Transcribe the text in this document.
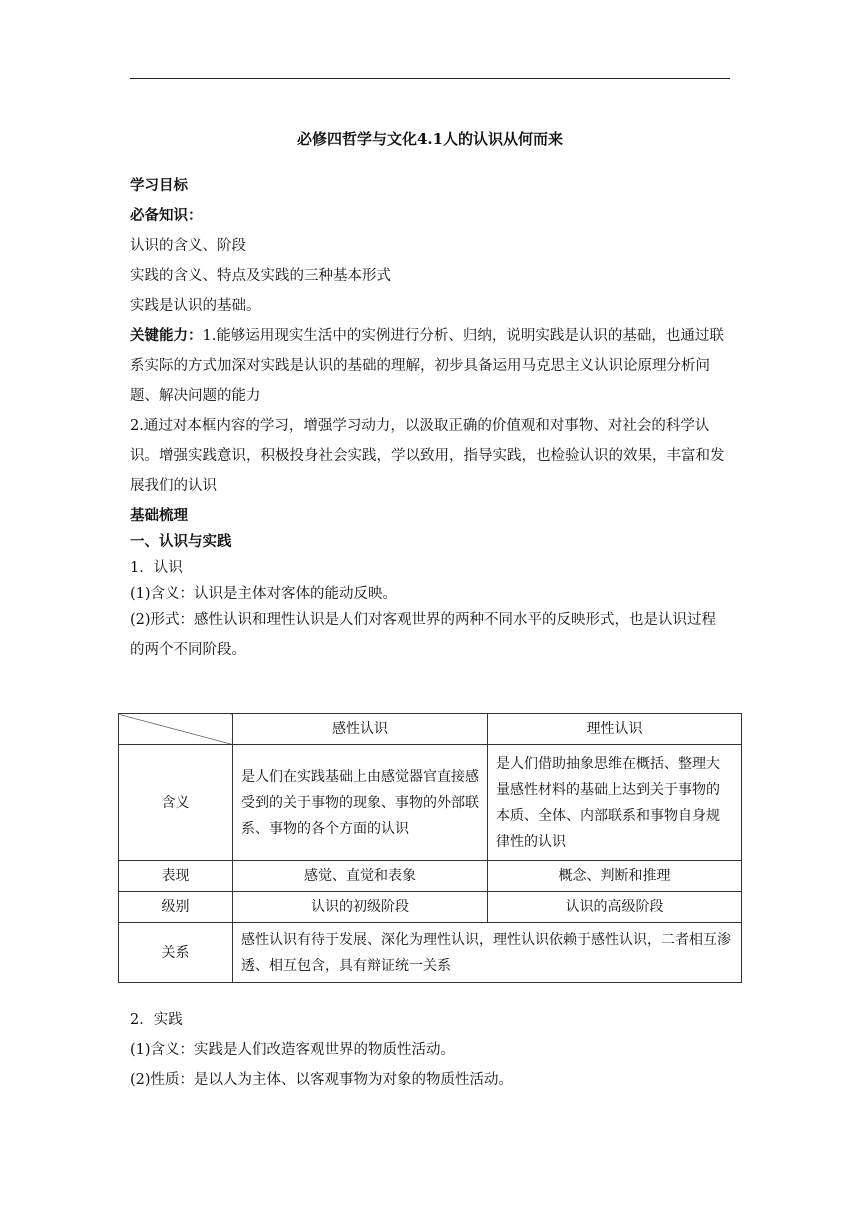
必修四哲学与文化4.1人的认识从何而来

学习目标

必备知识：

认识的含义、阶段

实践的含义、特点及实践的三种基本形式

实践是认识的基础。

关键能力：1.能够运用现实生活中的实例进行分析、归纳，说明实践是认识的基础，也通过联系实际的方式加深对实践是认识的基础的理解，初步具备运用马克思主义认识论原理分析问题、解决问题的能力

2.通过对本框内容的学习，增强学习动力，以汲取正确的价值观和对事物、对社会的科学认识。增强实践意识，积极投身社会实践，学以致用，指导实践，也检验认识的效果，丰富和发展我们的认识

基础梳理

一、认识与实践

1．认识

(1)含义：认识是主体对客体的能动反映。

(2)形式：感性认识和理性认识是人们对客观世界的两种不同水平的反映形式，也是认识过程的两个不同阶段。

	感性认识	理性认识
含义	是人们在实践基础上由感觉器官直接感受到的关于事物的现象、事物的外部联系、事物的各个方面的认识	是人们借助抽象思维在概括、整理大量感性材料的基础上达到关于事物的本质、全体、内部联系和事物自身规律性的认识
表现	感觉、直觉和表象	概念、判断和推理
级别	认识的初级阶段	认识的高级阶段
关系	感性认识有待于发展、深化为理性认识，理性认识依赖于感性认识，二者相互渗透、相互包含，具有辩证统一关系	

2．实践

(1)含义：实践是人们改造客观世界的物质性活动。

(2)性质：是以人为主体、以客观事物为对象的物质性活动。
